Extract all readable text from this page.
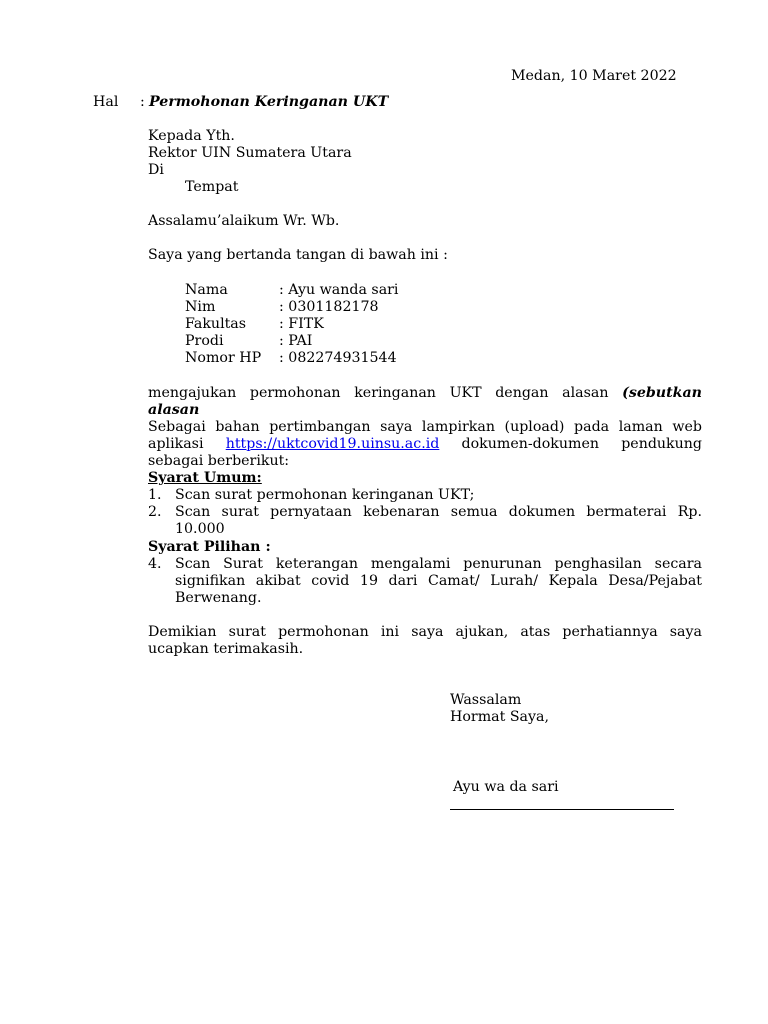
Medan, 10 Maret 2022
Hal : Permohonan Keringanan UKT
Kepada Yth.
Rektor UIN Sumatera Utara
Di
Tempat
Assalamu’alaikum Wr. Wb.
Saya yang bertanda tangan di bawah ini :
Nama	: Ayu wanda sari
Nim	: 0301182178
Fakultas : FITK
Prodi	: PAI
Nomor HP : 082274931544
mengajukan permohonan keringanan UKT dengan alasan (sebutkan
alasan
Sebagai bahan pertimbangan saya lampirkan (upload) pada laman web
aplikasi https://uktcovid19.uinsu.ac.id dokumen-dokumen pendukung
sebagai berberikut:
Syarat Umum:
1. Scan surat permohonan keringanan UKT;
2. Scan surat pernyataan kebenaran semua dokumen bermaterai Rp.
10.000
Syarat Pilihan :
4. Scan Surat keterangan mengalami penurunan penghasilan secara
signifikan akibat covid 19 dari Camat/ Lurah/ Kepala Desa/Pejabat
Berwenang.
Demikian surat permohonan ini saya ajukan, atas perhatiannya saya
ucapkan terimakasih.
Wassalam
Hormat Saya,
Ayu wa da sari
